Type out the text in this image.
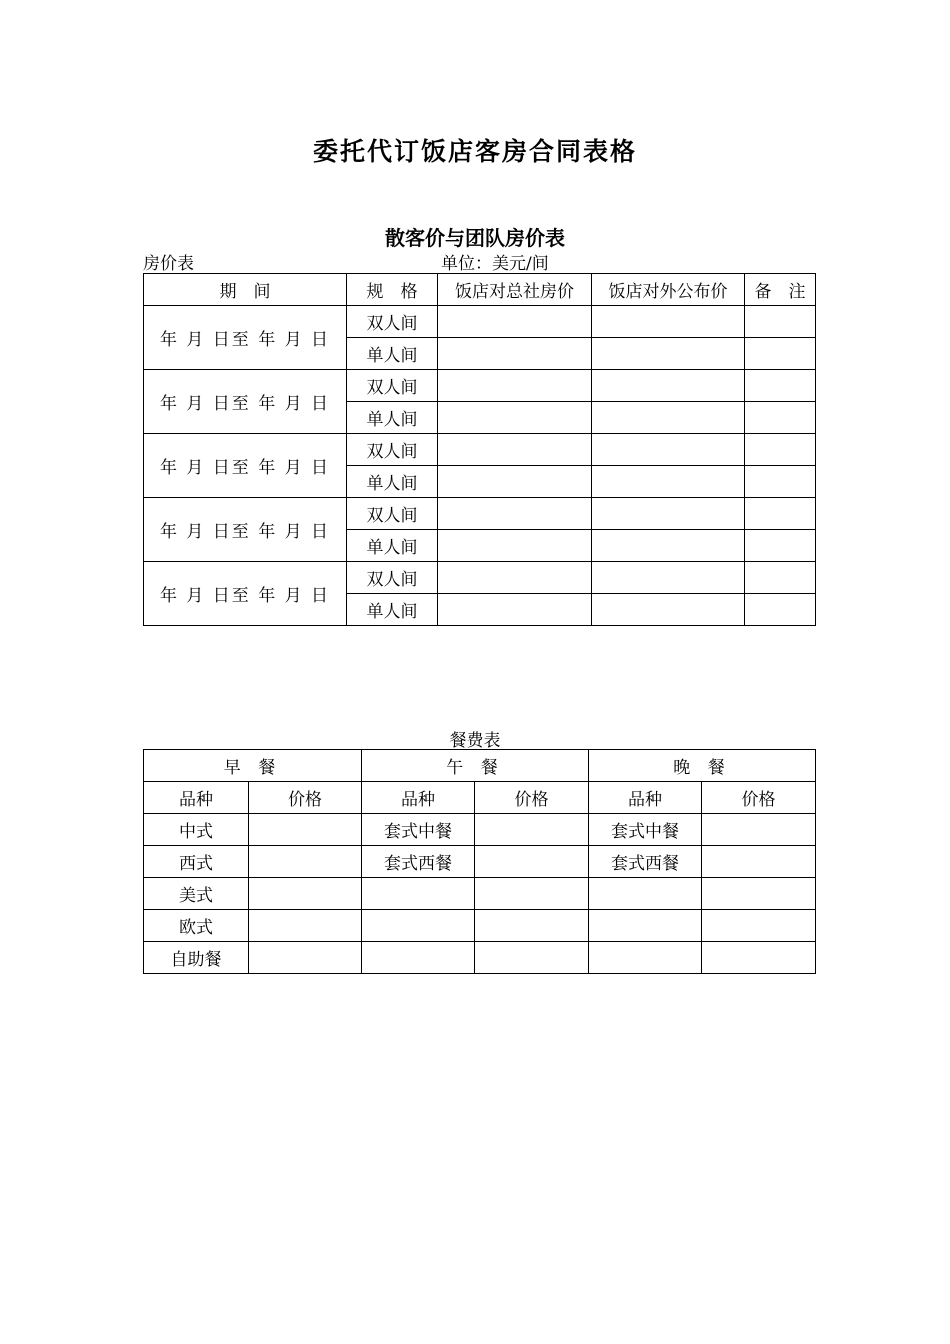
委托代订饭店客房合同表格
散客价与团队房价表
房价表	单位：美元/间
期　间	规　格	饭店对总社房价	饭店对外公布价	备　注
年 月 日至 年 月 日	双人间			
	单人间			
年 月 日至 年 月 日	双人间			
	单人间			
年 月 日至 年 月 日	双人间			
	单人间			
年 月 日至 年 月 日	双人间			
	单人间			
年 月 日至 年 月 日	双人间			
	单人间			
餐费表
早 餐		午 餐		晚 餐	
品种	价格	品种	价格	品种	价格
中式		套式中餐		套式中餐	
西式		套式西餐		套式西餐	
美式					
欧式					
自助餐					
